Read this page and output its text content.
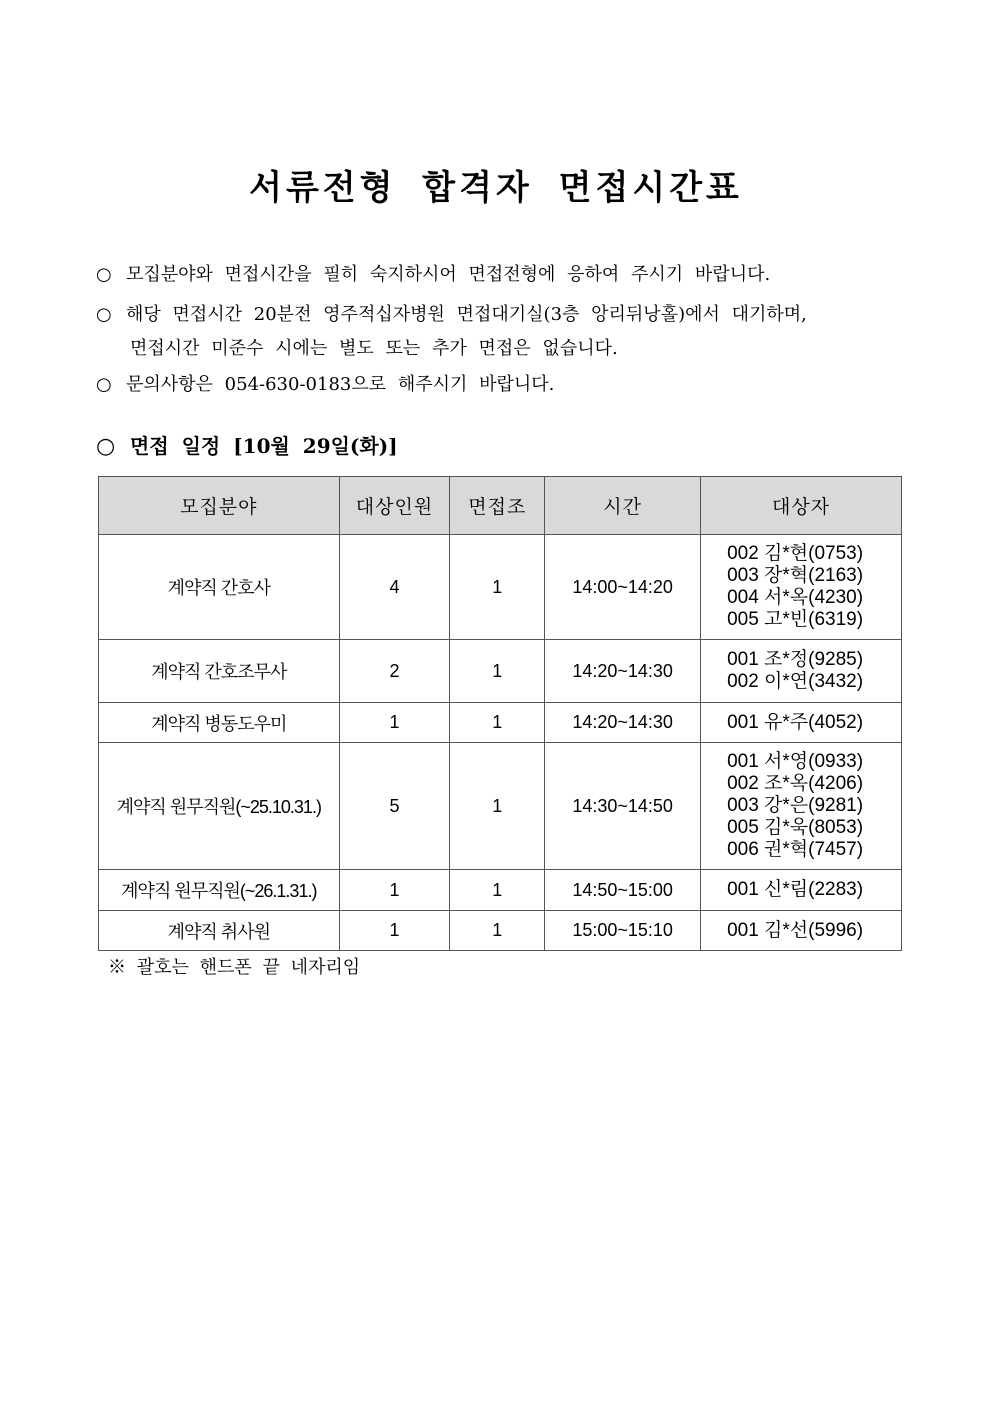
서류전형 합격자 면접시간표
○ 모집분야와 면접시간을 필히 숙지하시어 면접전형에 응하여 주시기 바랍니다.
○ 해당 면접시간 20분전 영주적십자병원 면접대기실(3층 앙리뒤낭홀)에서 대기하며,
면접시간 미준수 시에는 별도 또는 추가 면접은 없습니다.
○ 문의사항은 054-630-0183으로 해주시기 바랍니다.
○ 면접 일정 [10월 29일(화)]
모집분야	대상인원	면접조	시간	대상자
계약직 간호사	4	1	14:00~14:20	002 김*현(0753)
003 장*혁(2163)
004 서*옥(4230)
005 고*빈(6319)

계약직 간호조무사	2	1	14:20~14:30	001 조*정(9285)
002 이*연(3432)

계약직 병동도우미	1	1	14:20~14:30	001 유*주(4052)

계약직 원무직원(~25.10.31.)	5	1	14:30~14:50	001 서*영(0933)
002 조*옥(4206)
003 강*은(9281)
005 김*욱(8053)
006 권*혁(7457)

계약직 원무직원(~26.1.31.)	1	1	14:50~15:00	001 신*림(2283)

계약직 취사원	1	1	15:00~15:10	001 김*선(5996)
※ 괄호는 핸드폰 끝 네자리임
